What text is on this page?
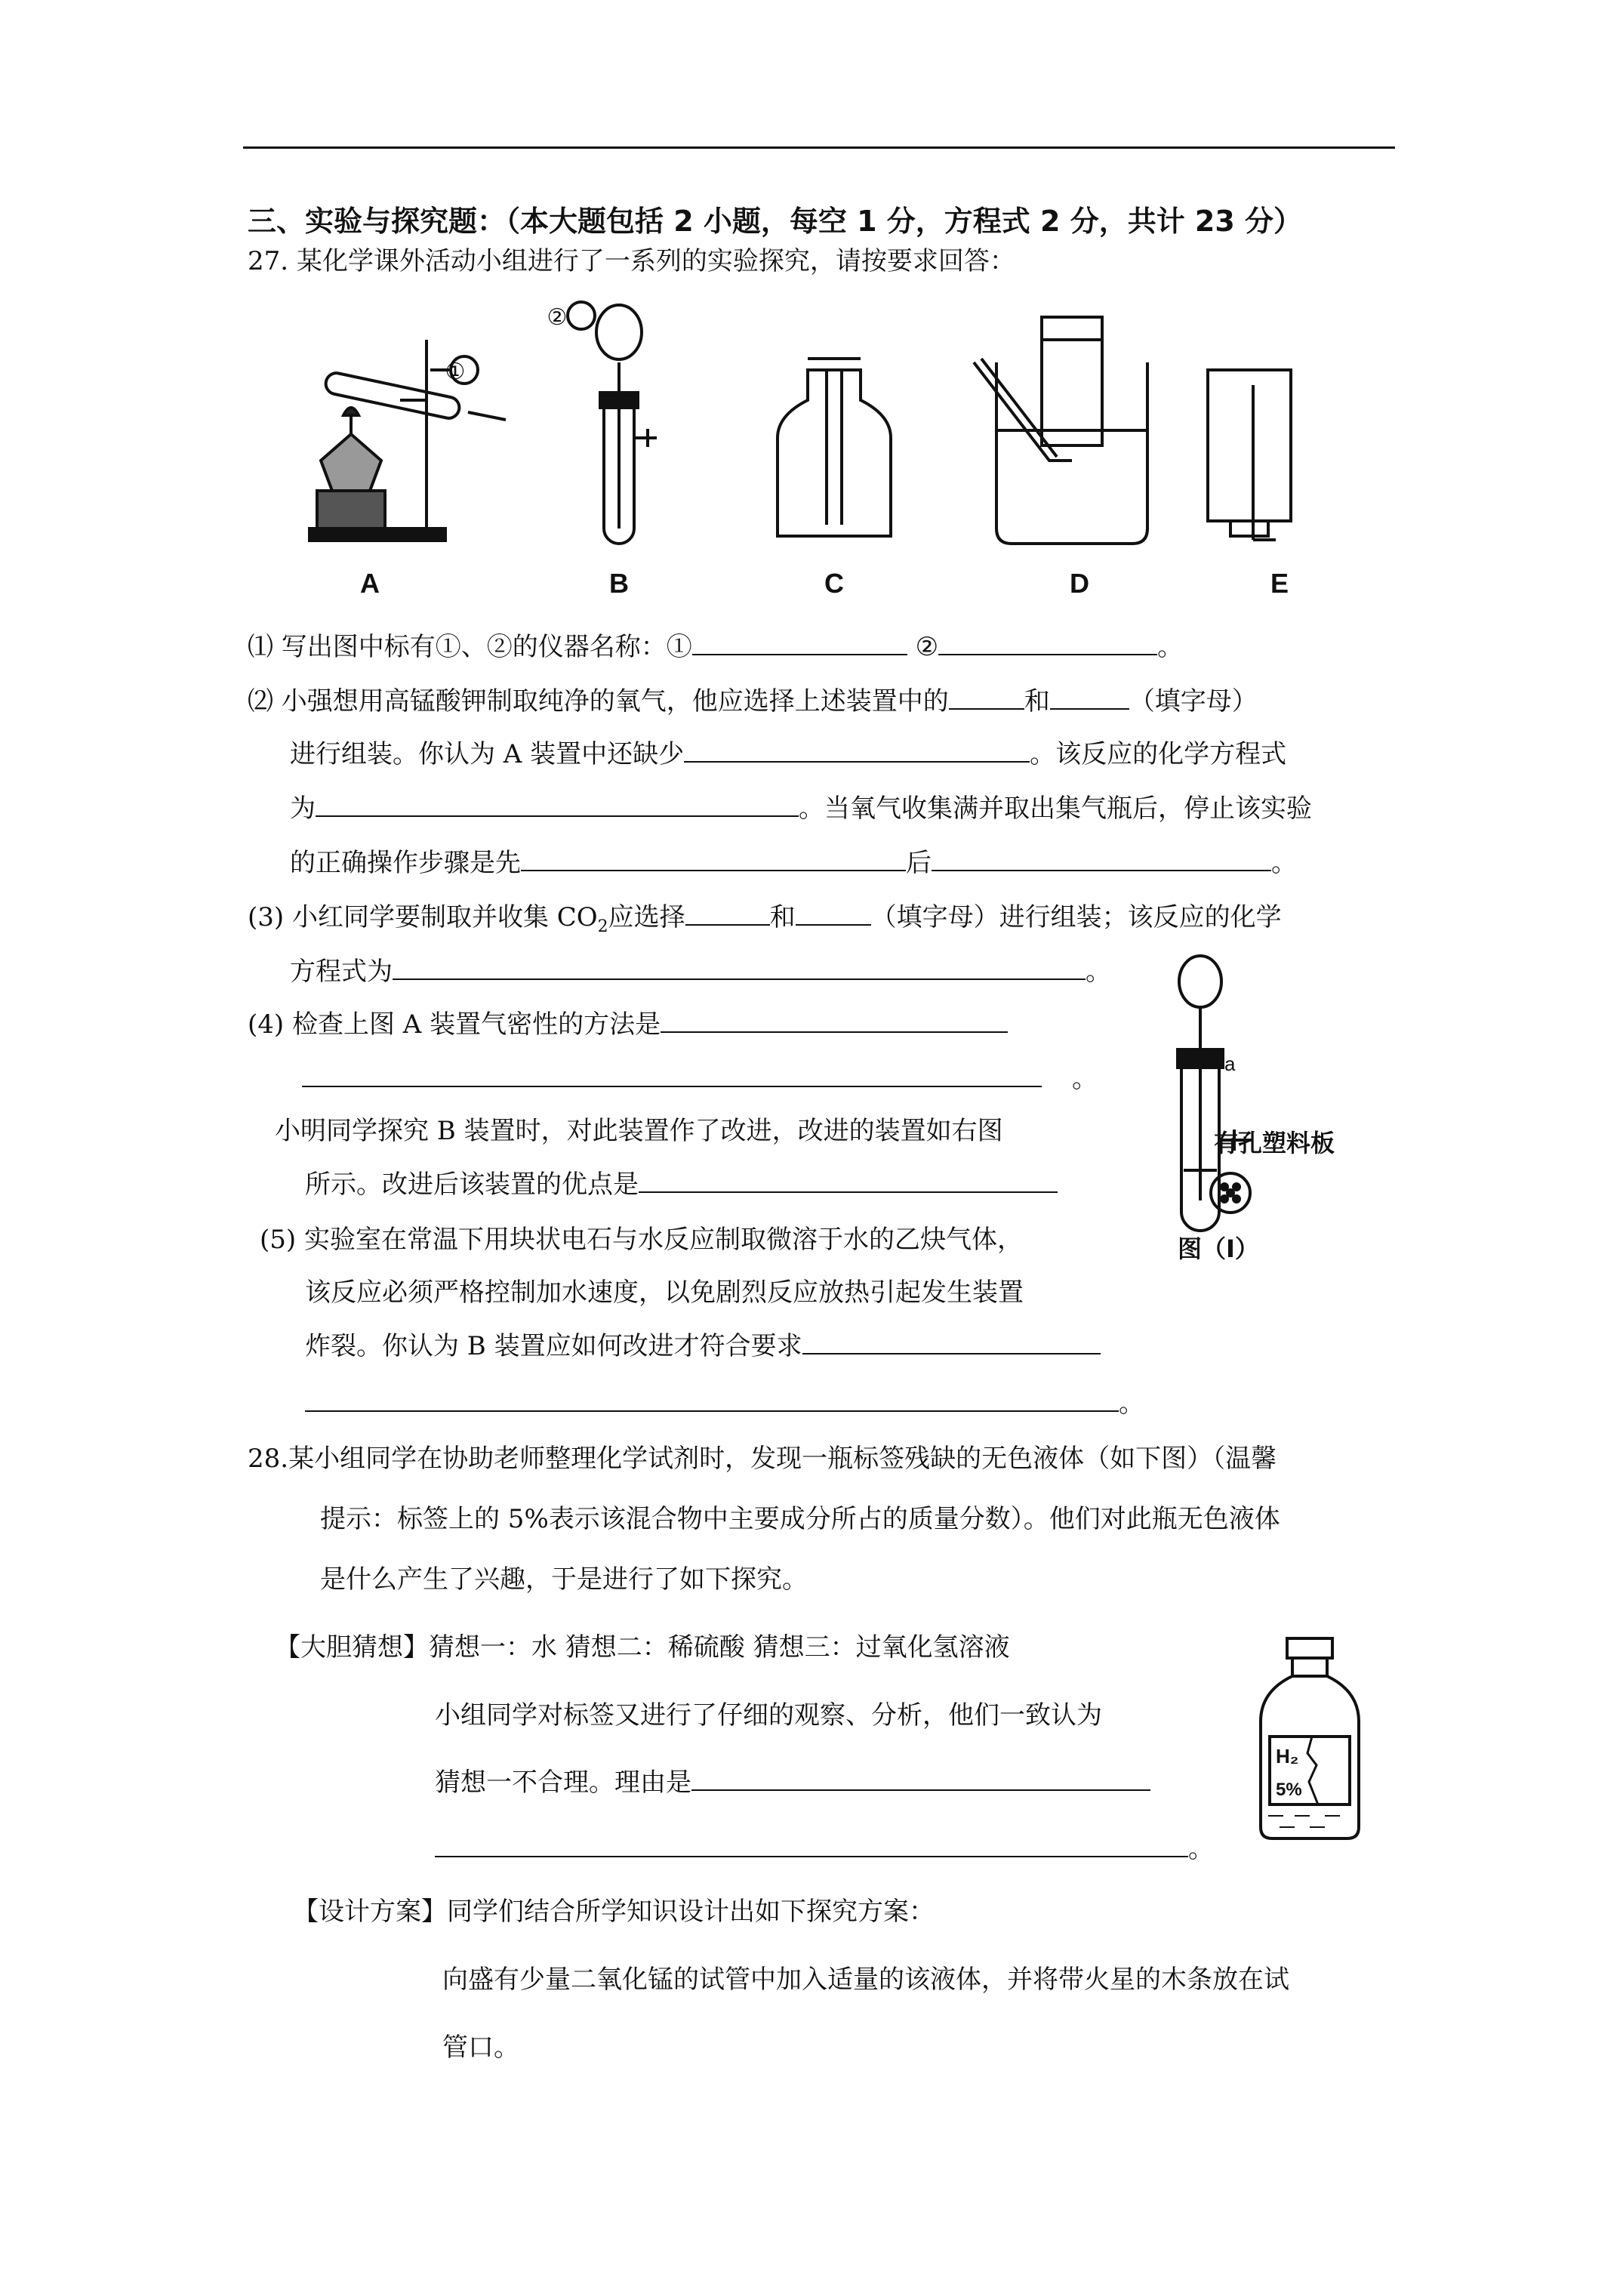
三、实验与探究题：（本大题包括 2 小题，每空 1 分，方程式 2 分，共计 23 分）
27. 某化学课外活动小组进行了一系列的实验探究，请按要求回答：
①
②
A	B	C	D	E
⑴ 写出图中标有①、②的仪器名称：①	②	。
⑵ 小强想用高锰酸钾制取纯净的氧气，他应选择上述装置中的	和	（填字母）
进行组装。你认为 A 装置中还缺少	。该反应的化学方程式
为	。当氧气收集满并取出集气瓶后，停止该实验
的正确操作步骤是先	后	。
(3) 小红同学要制取并收集 $CO_2$应选择	和	（填字母）进行组装；该反应的化学
方程式为	。
(4) 检查上图 A 装置气密性的方法是
。
小明同学探究 B 装置时，对此装置作了改进，改进的装置如右图
所示。改进后该装置的优点是
(5) 实验室在常温下用块状电石与水反应制取微溶于水的乙炔气体，
该反应必须严格控制加水速度，以免剧烈反应放热引起发生装置
炸裂。你认为 B 装置应如何改进才符合要求
。
a
有孔塑料板
图（Ⅰ）
28.某小组同学在协助老师整理化学试剂时，发现一瓶标签残缺的无色液体（如下图）（温馨
提示：标签上的 5%表示该混合物中主要成分所占的质量分数）。他们对此瓶无色液体
是什么产生了兴趣，于是进行了如下探究。
【大胆猜想】猜想一：水 猜想二：稀硫酸 猜想三：过氧化氢溶液
小组同学对标签又进行了仔细的观察、分析，他们一致认为
猜想一不合理。理由是
。
H₂
5%
【设计方案】同学们结合所学知识设计出如下探究方案：
向盛有少量二氧化锰的试管中加入适量的该液体，并将带火星的木条放在试
管口。
